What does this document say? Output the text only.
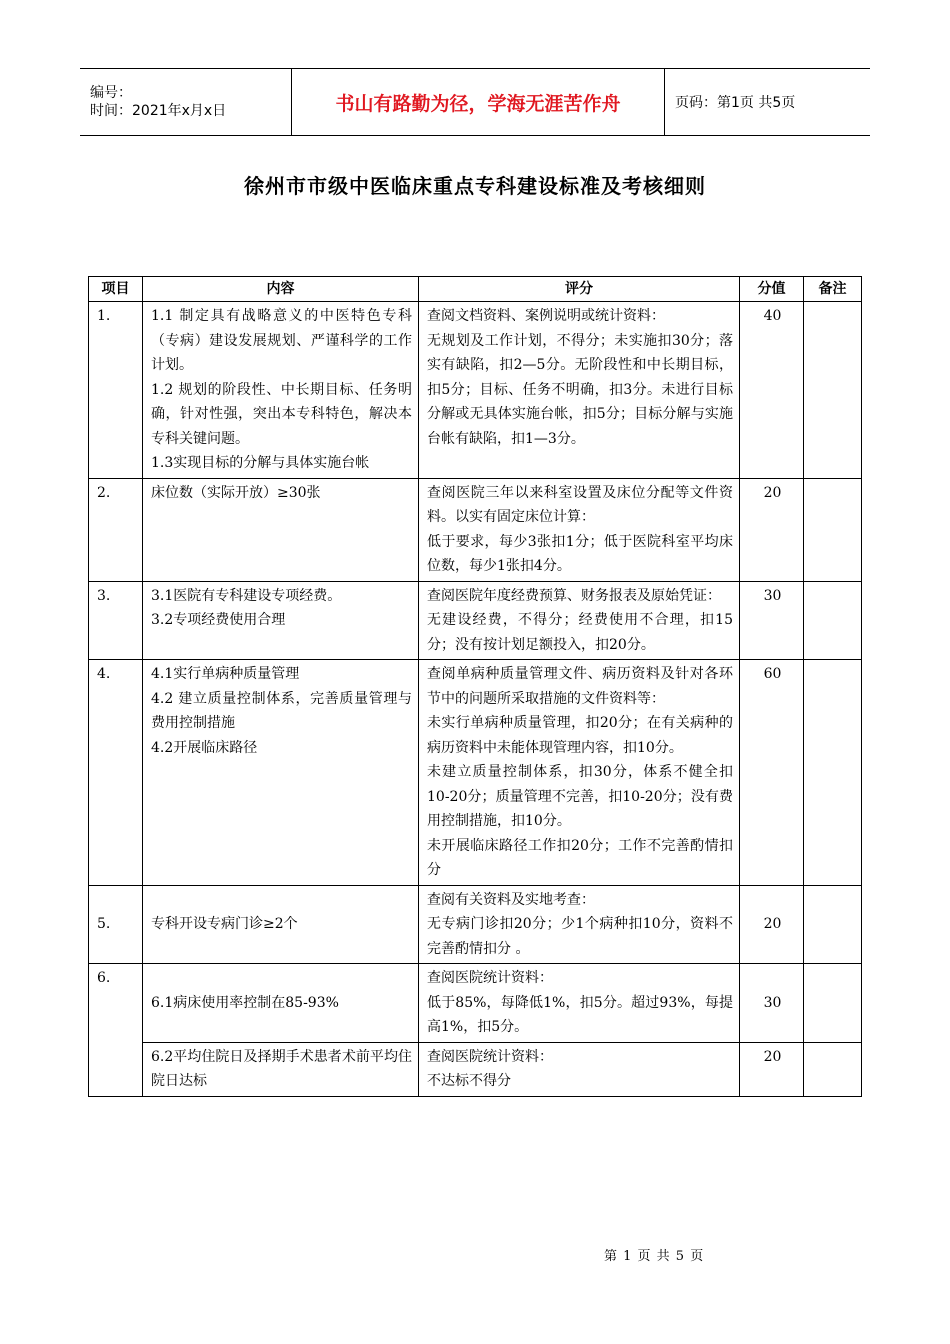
编号：
时间：2021年x月x日	书山有路勤为径，学海无涯苦作舟	页码：第1页 共5页
徐州市市级中医临床重点专科建设标准及考核细则
项目	内容	评分	分值	备注
1.	1.1 制定具有战略意义的中医特色专科（专病）建设发展规划、严谨科学的工作计划。
1.2 规划的阶段性、中长期目标、任务明确，针对性强，突出本专科特色，解决本专科关键问题。
1.3实现目标的分解与具体实施台帐	查阅文档资料、案例说明或统计资料：
无规划及工作计划，不得分；未实施扣30分；落实有缺陷，扣2—5分。无阶段性和中长期目标，扣5分；目标、任务不明确，扣3分。未进行目标分解或无具体实施台帐，扣5分；目标分解与实施台帐有缺陷，扣1—3分。	40	
2.	床位数（实际开放）≥30张	查阅医院三年以来科室设置及床位分配等文件资料。以实有固定床位计算：
低于要求，每少3张扣1分；低于医院科室平均床位数，每少1张扣4分。	20	
3.	3.1医院有专科建设专项经费。
3.2专项经费使用合理	查阅医院年度经费预算、财务报表及原始凭证：
无建设经费，不得分；经费使用不合理，扣15分；没有按计划足额投入，扣20分。	30	
4.	4.1实行单病种质量管理
4.2 建立质量控制体系，完善质量管理与费用控制措施
4.2开展临床路径	查阅单病种质量管理文件、病历资料及针对各环节中的问题所采取措施的文件资料等：
未实行单病种质量管理，扣20分；在有关病种的病历资料中未能体现管理内容，扣10分。
未建立质量控制体系，扣30分，体系不健全扣10-20分；质量管理不完善，扣10-20分；没有费用控制措施，扣10分。
未开展临床路径工作扣20分；工作不完善酌情扣分	60	
5.	专科开设专病门诊≥2个	查阅有关资料及实地考查：
无专病门诊扣20分；少1个病种扣10分，资料不完善酌情扣分 。	20	
6.	6.1病床使用率控制在85-93%	查阅医院统计资料：
低于85%，每降低1%，扣5分。超过93%，每提高1%，扣5分。	30	

	6.2平均住院日及择期手术患者术前平均住院日达标	查阅医院统计资料：
不达标不得分	20	
第 1 页 共 5 页
